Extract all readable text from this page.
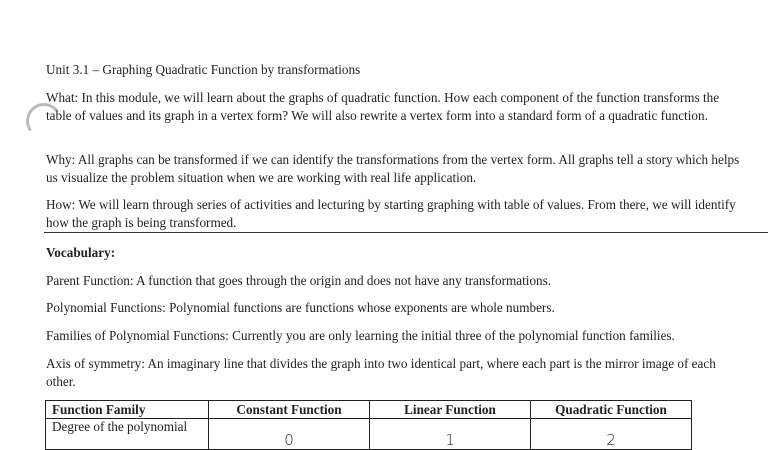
Unit 3.1 – Graphing Quadratic Function by transformations
What: In this module, we will learn about the graphs of quadratic function. How each component of the function transforms the table of values and its graph in a vertex form? We will also rewrite a vertex form into a standard form of a quadratic function.
Why: All graphs can be transformed if we can identify the transformations from the vertex form. All graphs tell a story which helps us visualize the problem situation when we are working with real life application.
How: We will learn through series of activities and lecturing by starting graphing with table of values. From there, we will identify how the graph is being transformed.
Vocabulary:
Parent Function: A function that goes through the origin and does not have any transformations.
Polynomial Functions: Polynomial functions are functions whose exponents are whole numbers.
Families of Polynomial Functions: Currently you are only learning the initial three of the polynomial function families.
Axis of symmetry: An imaginary line that divides the graph into two identical part, where each part is the mirror image of each other.
Function Family	Constant Function	Linear Function	Quadratic Function
Degree of the polynomial	0	1	2
